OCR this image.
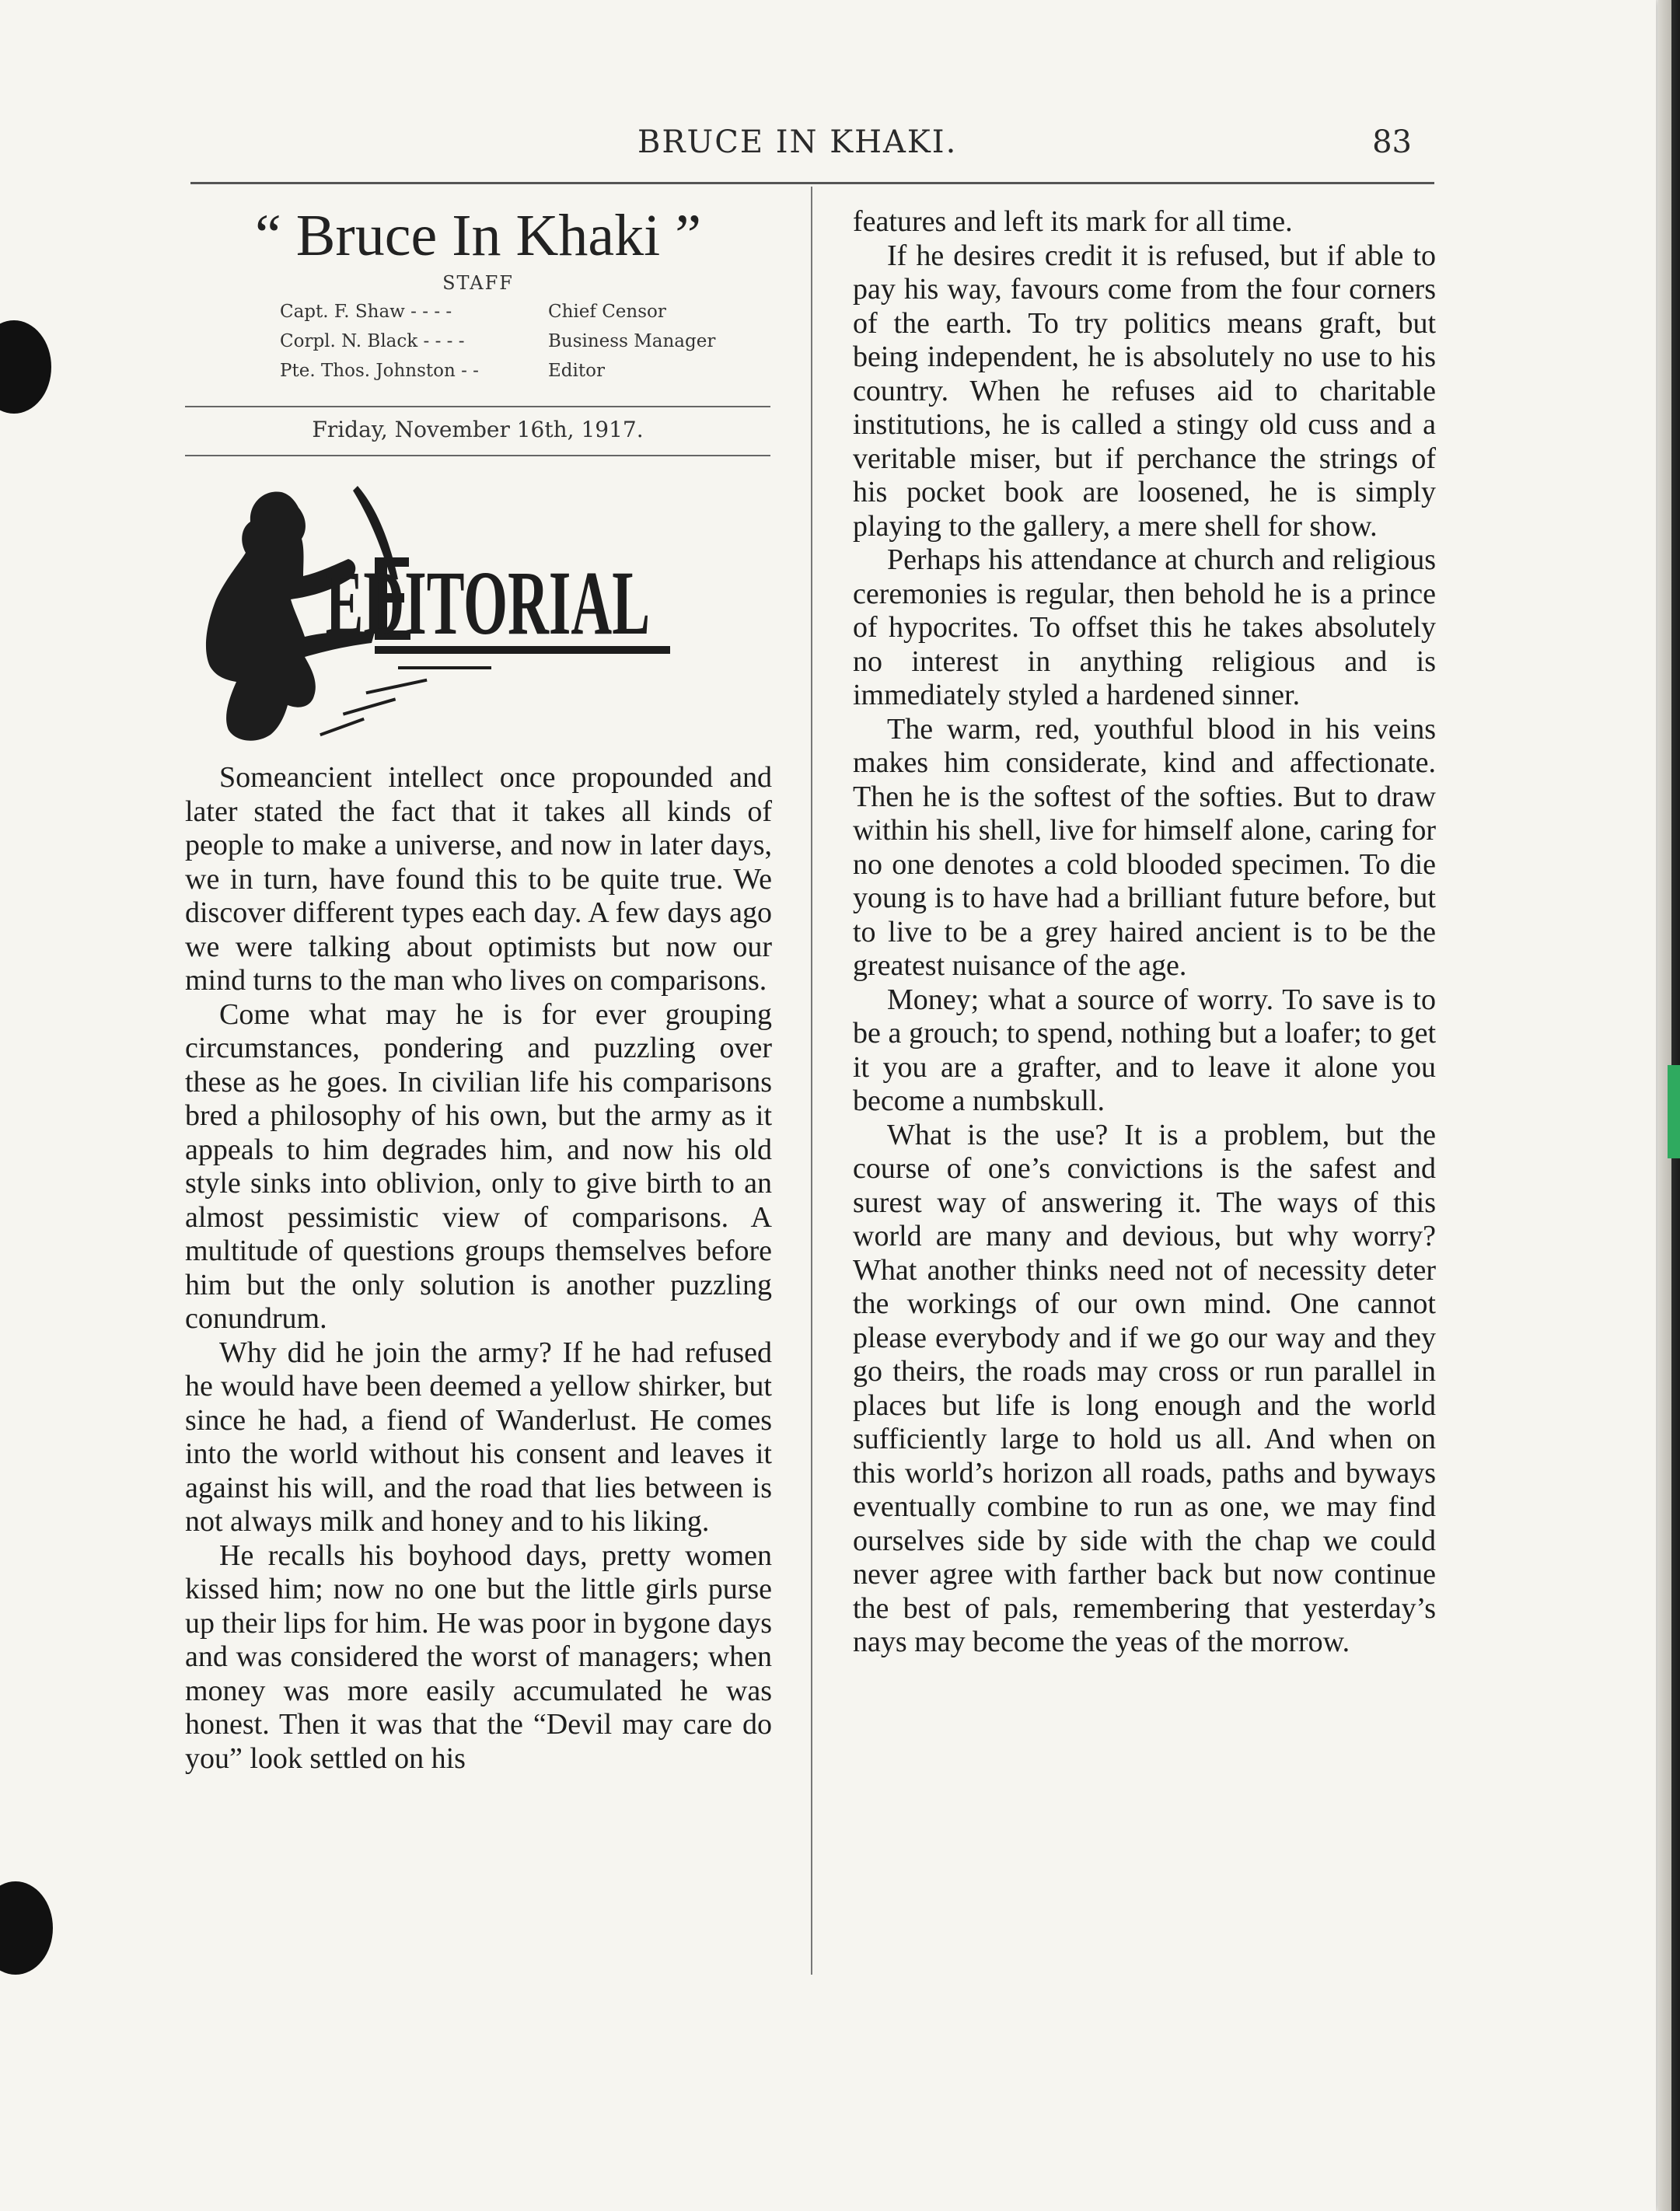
BRUCE IN KHAKI.	83
“ Bruce In Khaki ”
STAFF
Capt. F. Shaw - - - -	Chief Censor
Corpl. N. Black - - - -	Business Manager
Pte. Thos. Johnston - -	Editor
Friday, November 16th, 1917.
EDITORIAL

Someancient intellect once propounded and later stated the fact that it takes all kinds of people to make a universe, and now in later days, we in turn, have found this to be quite true. We discover different types each day. A few days ago we were talking about optimists but now our mind turns to the man who lives on comparisons.

Come what may he is for ever grouping circumstances, pondering and puzzling over these as he goes. In civilian life his comparisons bred a philosophy of his own, but the army as it appeals to him degrades him, and now his old style sinks into oblivion, only to give birth to an almost pessimistic view of comparisons. A multitude of questions groups themselves before him but the only solution is another puzzling conundrum.

Why did he join the army? If he had refused he would have been deemed a yellow shirker, but since he had, a fiend of Wanderlust. He comes into the world without his consent and leaves it against his will, and the road that lies between is not always milk and honey and to his liking.

He recalls his boyhood days, pretty women kissed him; now no one but the little girls purse up their lips for him. He was poor in bygone days and was considered the worst of managers; when money was more easily accumulated he was honest. Then it was that the “Devil may care do you” look settled on his

features and left its mark for all time.

If he desires credit it is refused, but if able to pay his way, favours come from the four corners of the earth. To try politics means graft, but being independent, he is absolutely no use to his country. When he refuses aid to charitable institutions, he is called a stingy old cuss and a veritable miser, but if perchance the strings of his pocket book are loosened, he is simply playing to the gallery, a mere shell for show.

Perhaps his attendance at church and religious ceremonies is regular, then behold he is a prince of hypocrites. To offset this he takes absolutely no interest in anything religious and is immediately styled a hardened sinner.

The warm, red, youthful blood in his veins makes him considerate, kind and affectionate. Then he is the softest of the softies. But to draw within his shell, live for himself alone, caring for no one denotes a cold blooded specimen. To die young is to have had a brilliant future before, but to live to be a grey haired ancient is to be the greatest nuisance of the age.

Money; what a source of worry. To save is to be a grouch; to spend, nothing but a loafer; to get it you are a grafter, and to leave it alone you become a numbskull.

What is the use? It is a problem, but the course of one’s convictions is the safest and surest way of answering it. The ways of this world are many and devious, but why worry? What another thinks need not of necessity deter the workings of our own mind. One cannot please everybody and if we go our way and they go theirs, the roads may cross or run parallel in places but life is long enough and the world sufficiently large to hold us all. And when on this world’s horizon all roads, paths and byways eventually combine to run as one, we may find ourselves side by side with the chap we could never agree with farther back but now continue the best of pals, remembering that yesterday’s nays may become the yeas of the morrow.
